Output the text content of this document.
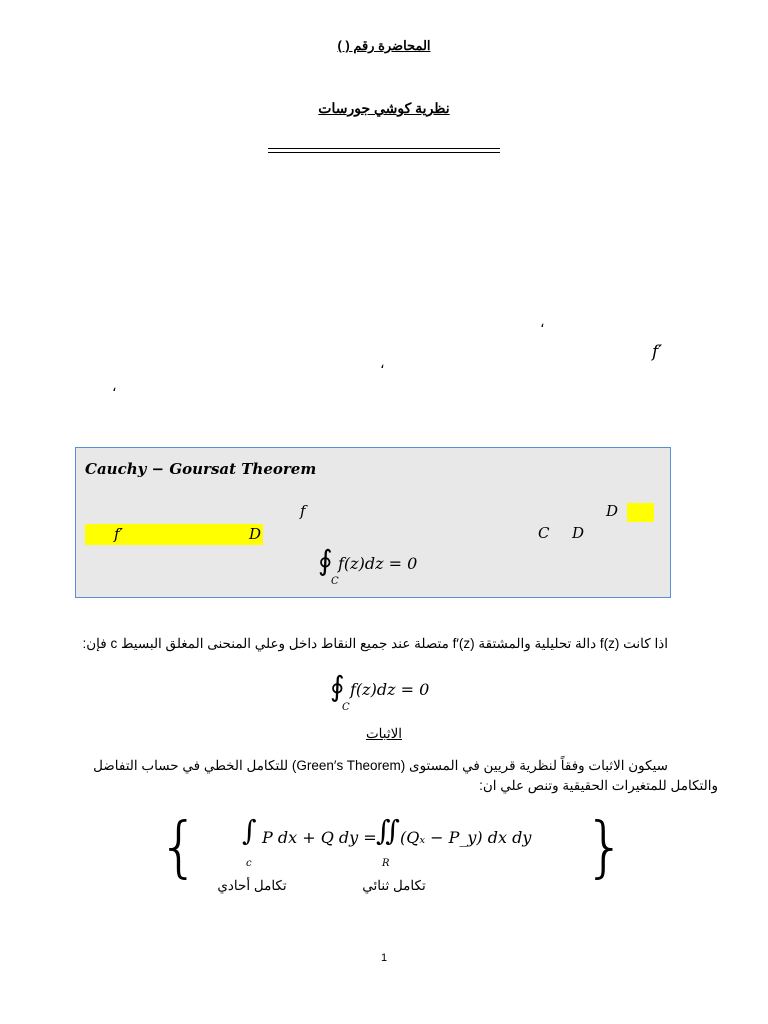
المحاضرة رقم ( )
نظرية كوشي جورسات
،
f′
،
،
Cauchy − Goursat Theorem
f	D
f′	D	C D
∮ f(z)dz = 0
C
اذا كانت f(z) دالة تحليلية والمشتقة f′(z) متصلة عند جميع النقاط داخل وعلي المنحنى المغلق البسيط c فإن:
∮ f(z)dz = 0
C
الاثبات
سيكون الاثبات وفقاً لنظرية قريين في المستوى (Green′s Theorem) للتكامل الخطي في حساب التفاضل
والتكامل للمتغيرات الحقيقية وتنص علي ان:
{	}
∫ P dx + Q dy =
c
∬ (Qₓ − P_y) dx dy
R
تكامل أحادي	تكامل ثنائي
1
